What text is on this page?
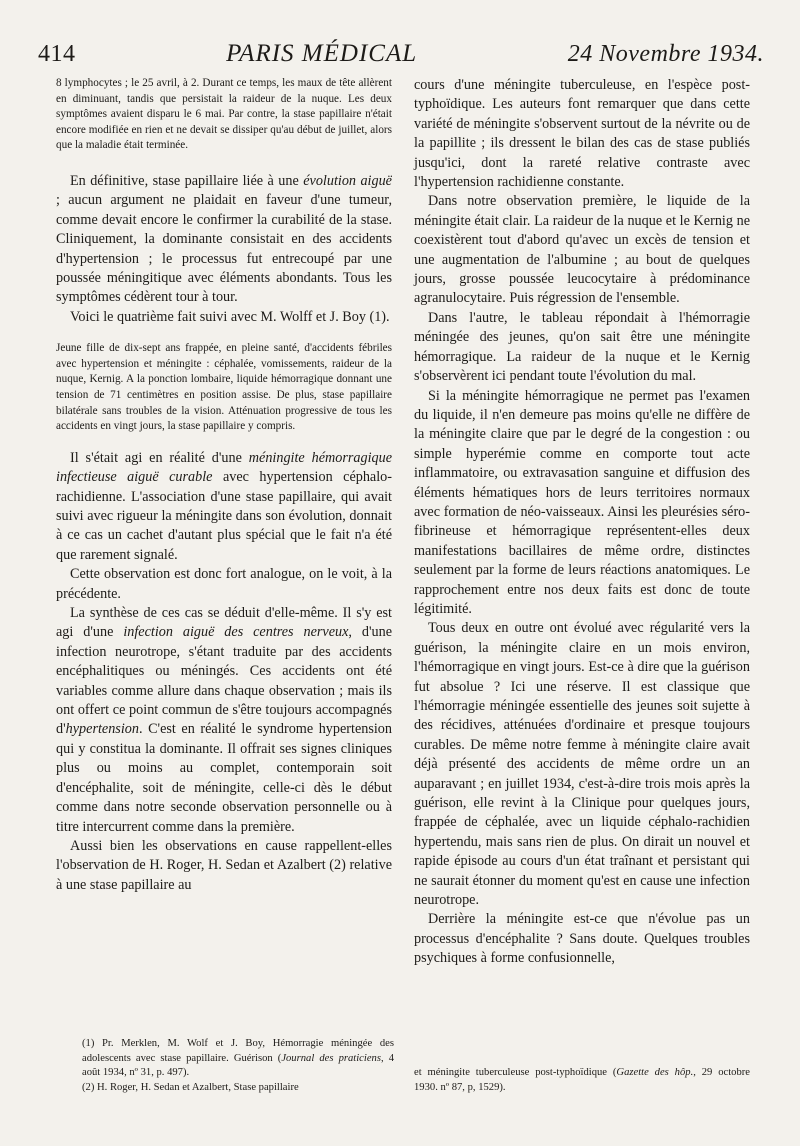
414	PARIS MÉDICAL	24 Novembre 1934.

8 lymphocytes ; le 25 avril, à 2. Durant ce temps, les maux de tête allèrent en diminuant, tandis que persistait la raideur de la nuque. Les deux symptômes avaient disparu le 6 mai. Par contre, la stase papillaire n'était encore modifiée en rien et ne devait se dissiper qu'au début de juillet, alors que la maladie était terminée.

En définitive, stase papillaire liée à une évolution aiguë ; aucun argument ne plaidait en faveur d'une tumeur, comme devait encore le confirmer la curabilité de la stase. Cliniquement, la dominante consistait en des accidents d'hypertension ; le processus fut entrecoupé par une poussée méningitique avec éléments abondants. Tous les symptômes cédèrent tour à tour.

Voici le quatrième fait suivi avec M. Wolff et J. Boy (1).

Jeune fille de dix-sept ans frappée, en pleine santé, d'accidents fébriles avec hypertension et méningite : céphalée, vomissements, raideur de la nuque, Kernig. A la ponction lombaire, liquide hémorragique donnant une tension de 71 centimètres en position assise. De plus, stase papillaire bilatérale sans troubles de la vision. Atténuation progressive de tous les accidents en vingt jours, la stase papillaire y compris.

Il s'était agi en réalité d'une méningite hémorragique infectieuse aiguë curable avec hypertension céphalo-rachidienne. L'association d'une stase papillaire, qui avait suivi avec rigueur la méningite dans son évolution, donnait à ce cas un cachet d'autant plus spécial que le fait n'a été que rarement signalé.

Cette observation est donc fort analogue, on le voit, à la précédente.

La synthèse de ces cas se déduit d'elle-même. Il s'y est agi d'une infection aiguë des centres nerveux, d'une infection neurotrope, s'étant traduite par des accidents encéphalitiques ou méningés. Ces accidents ont été variables comme allure dans chaque observation ; mais ils ont offert ce point commun de s'être toujours accompagnés d'hypertension. C'est en réalité le syndrome hypertension qui y constitua la dominante. Il offrait ses signes cliniques plus ou moins au complet, contemporain soit d'encéphalite, soit de méningite, celle-ci dès le début comme dans notre seconde observation personnelle ou à titre intercurrent comme dans la première.

Aussi bien les observations en cause rappellent-elles l'observation de H. Roger, H. Sedan et Azalbert (2) relative à une stase papillaire au

(1) Pr. Merklen, M. Wolf et J. Boy, Hémorragie méningée des adolescents avec stase papillaire. Guérison (Journal des praticiens, 4 août 1934, nº 31, p. 497).

(2) H. Roger, H. Sedan et Azalbert, Stase papillaire

cours d'une méningite tuberculeuse, en l'espèce post-typhoïdique. Les auteurs font remarquer que dans cette variété de méningite s'observent surtout de la névrite ou de la papillite ; ils dressent le bilan des cas de stase publiés jusqu'ici, dont la rareté relative contraste avec l'hypertension rachidienne constante.

Dans notre observation première, le liquide de la méningite était clair. La raideur de la nuque et le Kernig ne coexistèrent tout d'abord qu'avec un excès de tension et une augmentation de l'albumine ; au bout de quelques jours, grosse poussée leucocytaire à prédominance agranulocytaire. Puis régression de l'ensemble.

Dans l'autre, le tableau répondait à l'hémorragie méningée des jeunes, qu'on sait être une méningite hémorragique. La raideur de la nuque et le Kernig s'observèrent ici pendant toute l'évolution du mal.

Si la méningite hémorragique ne permet pas l'examen du liquide, il n'en demeure pas moins qu'elle ne diffère de la méningite claire que par le degré de la congestion : ou simple hyperémie comme en comporte tout acte inflammatoire, ou extravasation sanguine et diffusion des éléments hématiques hors de leurs territoires normaux avec formation de néo-vaisseaux. Ainsi les pleurésies séro-fibrineuse et hémorragique représentent-elles deux manifestations bacillaires de même ordre, distinctes seulement par la forme de leurs réactions anatomiques. Le rapprochement entre nos deux faits est donc de toute légitimité.

Tous deux en outre ont évolué avec régularité vers la guérison, la méningite claire en un mois environ, l'hémorragique en vingt jours. Est-ce à dire que la guérison fut absolue ? Ici une réserve. Il est classique que l'hémorragie méningée essentielle des jeunes soit sujette à des récidives, atténuées d'ordinaire et presque toujours curables. De même notre femme à méningite claire avait déjà présenté des accidents de même ordre un an auparavant ; en juillet 1934, c'est-à-dire trois mois après la guérison, elle revint à la Clinique pour quelques jours, frappée de céphalée, avec un liquide céphalo-rachidien hypertendu, mais sans rien de plus. On dirait un nouvel et rapide épisode au cours d'un état traînant et persistant qui ne saurait étonner du moment qu'est en cause une infection neurotrope.

Derrière la méningite est-ce que n'évolue pas un processus d'encéphalite ? Sans doute. Quelques troubles psychiques à forme confusionnelle,

et méningite tuberculeuse post-typhoïdique (Gazette des hôp., 29 octobre 1930. nº 87, p, 1529).
